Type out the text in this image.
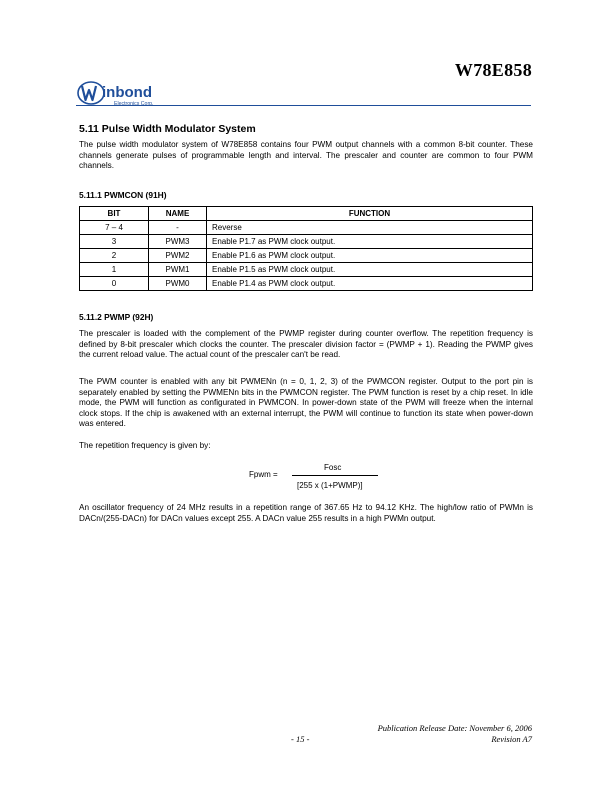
W78E858
inbond
Electronics Corp.
5.11 Pulse Width Modulator System

The pulse width modulator system of W78E858 contains four PWM output channels with a common 8-bit counter. These channels generate pulses of programmable length and interval. The prescaler and counter are common to four PWM channels.

5.11.1 PWMCON (91H)
BIT	NAME	FUNCTION
7 – 4	-	Reverse
3	PWM3	Enable P1.7 as PWM clock output.
2	PWM2	Enable P1.6 as PWM clock output.
1	PWM1	Enable P1.5 as PWM clock output.
0	PWM0	Enable P1.4 as PWM clock output.
5.11.2 PWMP (92H)

The prescaler is loaded with the complement of the PWMP register during counter overflow. The repetition frequency is defined by 8-bit prescaler which clocks the counter. The prescaler division factor = (PWMP + 1). Reading the PWMP gives the current reload value. The actual count of the prescaler can't be read.

The PWM counter is enabled with any bit PWMENn (n = 0, 1, 2, 3) of the PWMCON register. Output to the port pin is separately enabled by setting the PWMENn bits in the PWMCON register. The PWM function is reset by a chip reset. In idle mode, the PWM will function as configurated in PWMCON. In power-down state of the PWM will freeze when the internal clock stops. If the chip is awakened with an external interrupt, the PWM will continue to function its state when power-down was entered.

The repetition frequency is given by:

Fpwm =
Fosc
[255 x (1+PWMP)]

An oscillator frequency of 24 MHz results in a repetition range of 367.65 Hz to 94.12 KHz. The high/low ratio of PWMn is DACn/(255-DACn) for DACn values except 255. A DACn value 255 results in a high PWMn output.

Publication Release Date: November 6, 2006
- 15 -	Revision A7
